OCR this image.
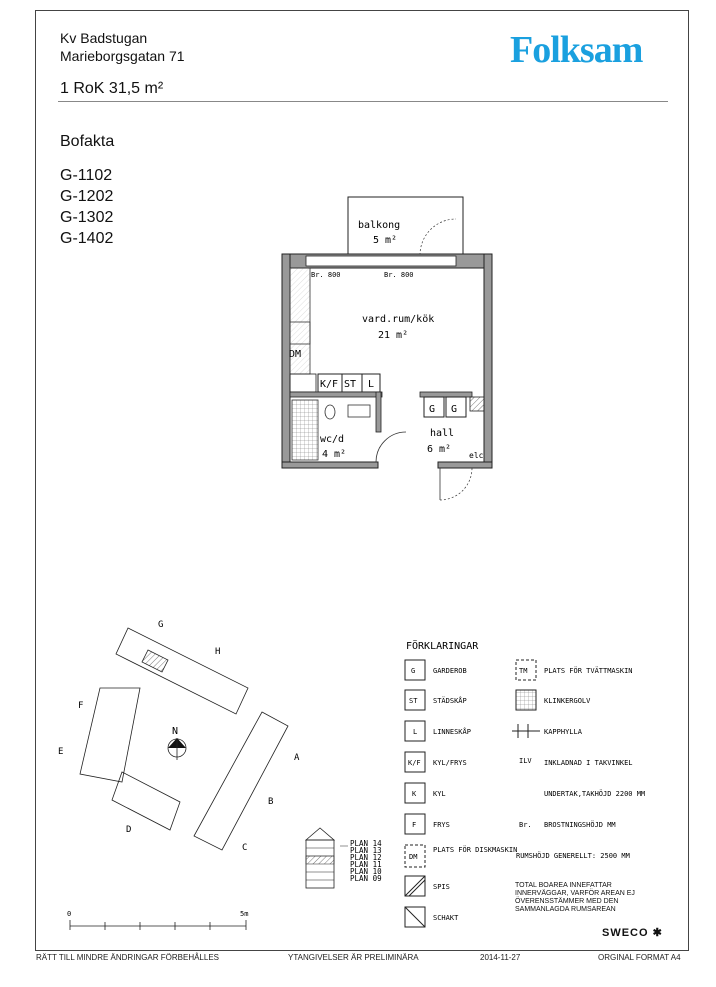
Kv Badstugan
Marieborgsgatan 71
1 RoK 31,5 m²
Folksam
Bofakta
G-1102
G-1202
G-1302
G-1402
balkong
5 m²
Br. 800	Br. 800
DM
vard.rum/kök
21 m²
K/F ST L
wc/d
4 m²
G G
hall
6 m²
elc
G
H
F
E
A
B
C
D
N
PLAN 14
PLAN 13
PLAN 12
PLAN 11
PLAN 10
PLAN 09
0	5m
FÖRKLARINGAR
G	GARDEROB
ST STÄDSKÅP
L LINNESKÅP
K/F KYL/FRYS
K KYL
F FRYS
DM
PLATS FÖR DISKMASKIN
SPIS
SCHAKT
TM PLATS FÖR TVÄTTMASKIN
KLINKERGOLV
KAPPHYLLA
ILV INKLADNAD I TAKVINKEL
UNDERTAK,TAKHÖJD 2200 MM
Br. BROSTNINGSHÖJD MM
RUMSHÖJD GENERELLT: 2500 MM
TOTAL BOAREA INNEFATTAR INNERVÄGGAR, VARFÖR AREAN EJ ÖVERENSSTÄMMER MED DEN SAMMANLAGDA RUMSAREAN
SWECO ✱
RÄTT TILL MINDRE ÄNDRINGAR FÖRBEHÅLLES	YTANGIVELSER ÄR PRELIMINÄRA	2014-11-27	ORGINAL FORMAT A4
